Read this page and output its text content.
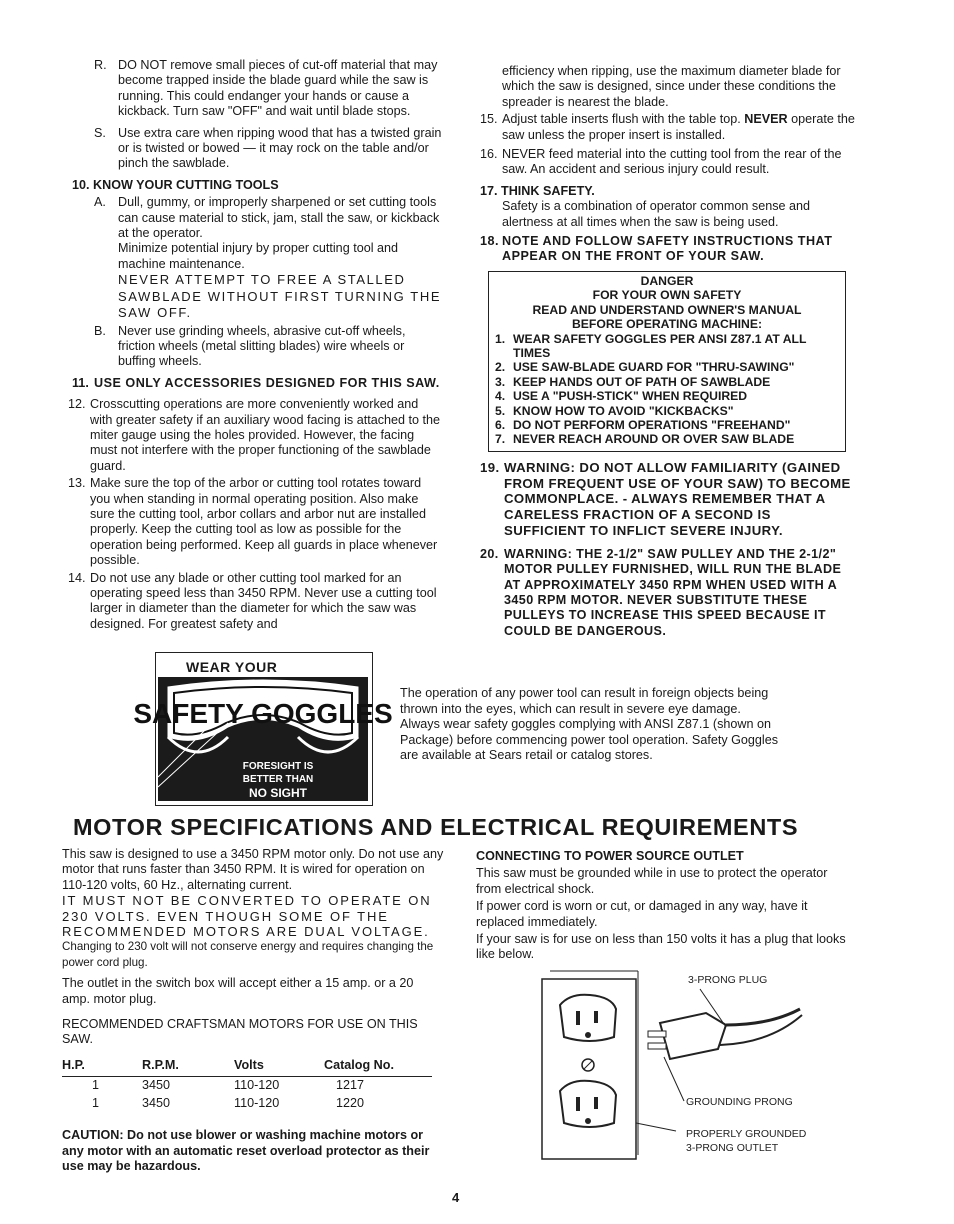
R. DO NOT remove small pieces of cut-off material that may become trapped inside the blade guard while the saw is running. This could endanger your hands or cause a kickback. Turn saw "OFF" and wait until blade stops.
S. Use extra care when ripping wood that has a twisted grain or is twisted or bowed — it may rock on the table and/or pinch the sawblade.

10. KNOW YOUR CUTTING TOOLS

A. Dull, gummy, or improperly sharpened or set cutting tools can cause material to stick, jam, stall the saw, or kickback at the operator.
Minimize potential injury by proper cutting tool and machine maintenance.
NEVER ATTEMPT TO FREE A STALLED SAWBLADE WITHOUT FIRST TURNING THE SAW OFF.
B. Never use grinding wheels, abrasive cut-off wheels, friction wheels (metal slitting blades) wire wheels or buffing wheels.
11. USE ONLY ACCESSORIES DESIGNED FOR THIS SAW.
12. Crosscutting operations are more conveniently worked and with greater safety if an auxiliary wood facing is attached to the miter gauge using the holes provided. However, the facing must not interfere with the proper functioning of the sawblade guard.
13. Make sure the top of the arbor or cutting tool rotates toward you when standing in normal operating position. Also make sure the cutting tool, arbor collars and arbor nut are installed properly. Keep the cutting tool as low as possible for the operation being performed. Keep all guards in place whenever possible.
14. Do not use any blade or other cutting tool marked for an operating speed less than 3450 RPM. Never use a cutting tool larger in diameter than the diameter for which the saw was designed. For greatest safety and

efficiency when ripping, use the maximum diameter blade for which the saw is designed, since under these conditions the spreader is nearest the blade.

15. Adjust table inserts flush with the table top. NEVER operate the saw unless the proper insert is installed.
16. NEVER feed material into the cutting tool from the rear of the saw. An accident and serious injury could result.

17. THINK SAFETY.

Safety is a combination of operator common sense and alertness at all times when the saw is being used.

18. NOTE AND FOLLOW SAFETY INSTRUCTIONS THAT APPEAR ON THE FRONT OF YOUR SAW.
DANGER
FOR YOUR OWN SAFETY
READ AND UNDERSTAND OWNER'S MANUAL
BEFORE OPERATING MACHINE:
1. WEAR SAFETY GOGGLES PER ANSI Z87.1 AT ALL TIMES
2. USE SAW-BLADE GUARD FOR "THRU-SAWING"
3. KEEP HANDS OUT OF PATH OF SAWBLADE
4. USE A "PUSH-STICK" WHEN REQUIRED
5. KNOW HOW TO AVOID "KICKBACKS"
6. DO NOT PERFORM OPERATIONS "FREEHAND"
7. NEVER REACH AROUND OR OVER SAW BLADE
19. WARNING: DO NOT ALLOW FAMILIARITY (GAINED FROM FREQUENT USE OF YOUR SAW) TO BECOME COMMONPLACE. - ALWAYS REMEMBER THAT A CARELESS FRACTION OF A SECOND IS SUFFICIENT TO INFLICT SEVERE INJURY.
20. WARNING: THE 2-1/2" SAW PULLEY AND THE 2-1/2" MOTOR PULLEY FURNISHED, WILL RUN THE BLADE AT APPROXIMATELY 3450 RPM WHEN USED WITH A 3450 RPM MOTOR. NEVER SUBSTITUTE THESE PULLEYS TO INCREASE THIS SPEED BECAUSE IT COULD BE DANGEROUS.
WEAR YOUR
SAFETY GOGGLES
FORESIGHT IS
BETTER THAN
NO SIGHT
The operation of any power tool can result in foreign objects being thrown into the eyes, which can result in severe eye damage. Always wear safety goggles complying with ANSI Z87.1 (shown on Package) before commencing power tool operation. Safety Goggles are available at Sears retail or catalog stores.
MOTOR SPECIFICATIONS AND ELECTRICAL REQUIREMENTS

This saw is designed to use a 3450 RPM motor only. Do not use any motor that runs faster than 3450 RPM. It is wired for operation on 110-120 volts, 60 Hz., alternating current.

IT MUST NOT BE CONVERTED TO OPERATE ON 230 VOLTS. EVEN THOUGH SOME OF THE RECOMMENDED MOTORS ARE DUAL VOLTAGE.

Changing to 230 volt will not conserve energy and requires changing the power cord plug.

The outlet in the switch box will accept either a 15 amp. or a 20 amp. motor plug.

RECOMMENDED CRAFTSMAN MOTORS FOR USE ON THIS SAW.

H.P.	R.P.M.	Volts	Catalog No.
1	3450	110-120	1217
1	3450	110-120	1220

CAUTION: Do not use blower or washing machine motors or any motor with an automatic reset overload protector as their use may be hazardous.

CONNECTING TO POWER SOURCE OUTLET

This saw must be grounded while in use to protect the operator from electrical shock.

If power cord is worn or cut, or damaged in any way, have it replaced immediately.

If your saw is for use on less than 150 volts it has a plug that looks like below.

3-PRONG PLUG
GROUNDING PRONG
PROPERLY GROUNDED
3-PRONG OUTLET
4
